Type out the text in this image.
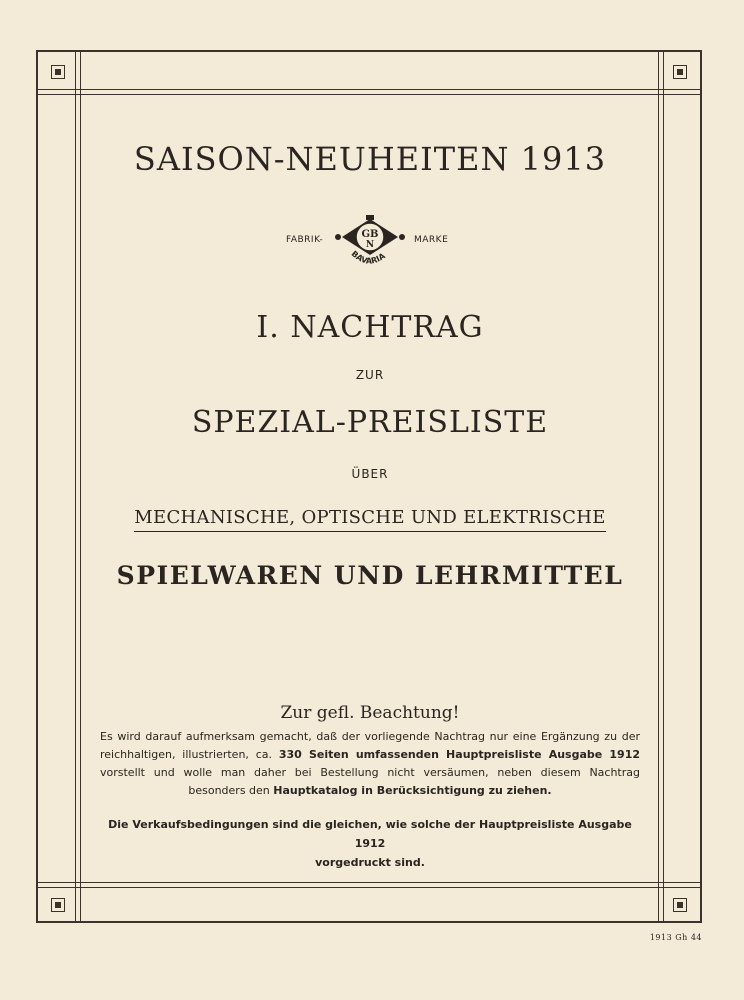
SAISON-NEUHEITEN 1913
FABRIK-	GB
N
BAVARIA
MARKE
I. NACHTRAG
ZUR
SPEZIAL-PREISLISTE
ÜBER
MECHANISCHE, OPTISCHE UND ELEKTRISCHE
SPIELWAREN UND LEHRMITTEL
Zur gefl. Beachtung!
Es wird darauf aufmerksam gemacht, daß der vorliegende Nachtrag nur eine Ergänzung zu der reichhaltigen, illustrierten, ca. 330 Seiten umfassenden Hauptpreisliste Ausgabe 1912 vorstellt und wolle man daher bei Bestellung nicht versäumen, neben diesem Nachtrag besonders den Hauptkatalog in Berücksichtigung zu ziehen.
Die Verkaufsbedingungen sind die gleichen, wie solche der Hauptpreisliste Ausgabe 1912
vorgedruckt sind.
1913 Gh 44
